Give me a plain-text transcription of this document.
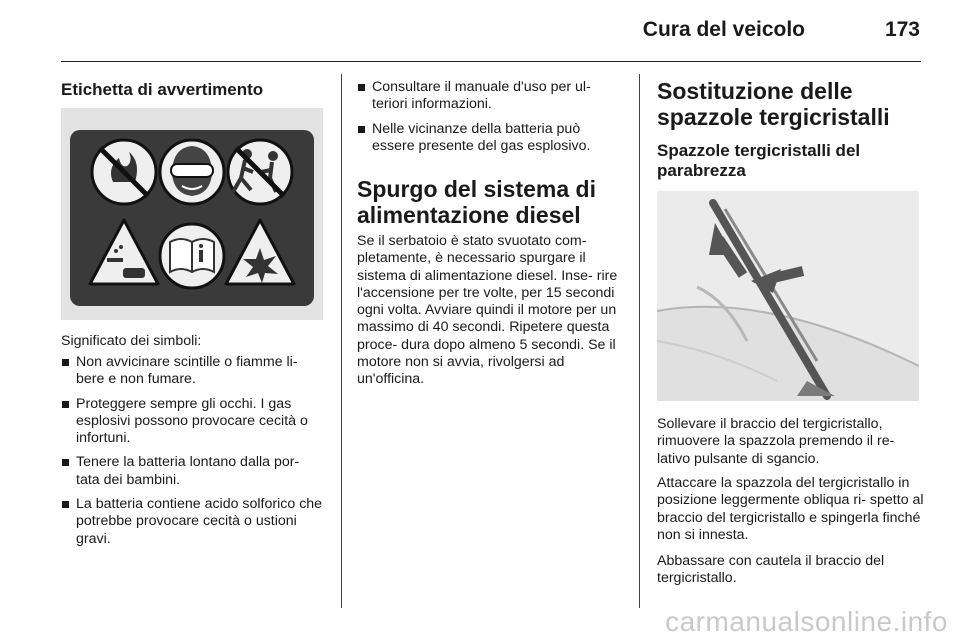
Cura del veicolo	173
Etichetta di avvertimento
Significato dei simboli:
Non avvicinare scintille o fiamme li- bere e non fumare.
Proteggere sempre gli occhi. I gas esplosivi possono provocare cecità o infortuni.
Tenere la batteria lontano dalla por- tata dei bambini.
La batteria contiene acido solforico che potrebbe provocare cecità o ustioni gravi.
Consultare il manuale d'uso per ul- teriori informazioni.
Nelle vicinanze della batteria può essere presente del gas esplosivo.
Spurgo del sistema di alimentazione diesel
Se il serbatoio è stato svuotato com- pletamente, è necessario spurgare il sistema di alimentazione diesel. Inse- rire l'accensione per tre volte, per 15 secondi ogni volta. Avviare quindi il motore per un massimo di 40 secondi. Ripetere questa proce- dura dopo almeno 5 secondi. Se il motore non si avvia, rivolgersi ad un'officina.
Sostituzione delle spazzole tergicristalli
Spazzole tergicristalli del parabrezza
Sollevare il braccio del tergicristallo, rimuovere la spazzola premendo il re- lativo pulsante di sgancio.
Attaccare la spazzola del tergicristallo in posizione leggermente obliqua ri- spetto al braccio del tergicristallo e spingerla finché non si innesta.
Abbassare con cautela il braccio del tergicristallo.
carmanualsonline.info
